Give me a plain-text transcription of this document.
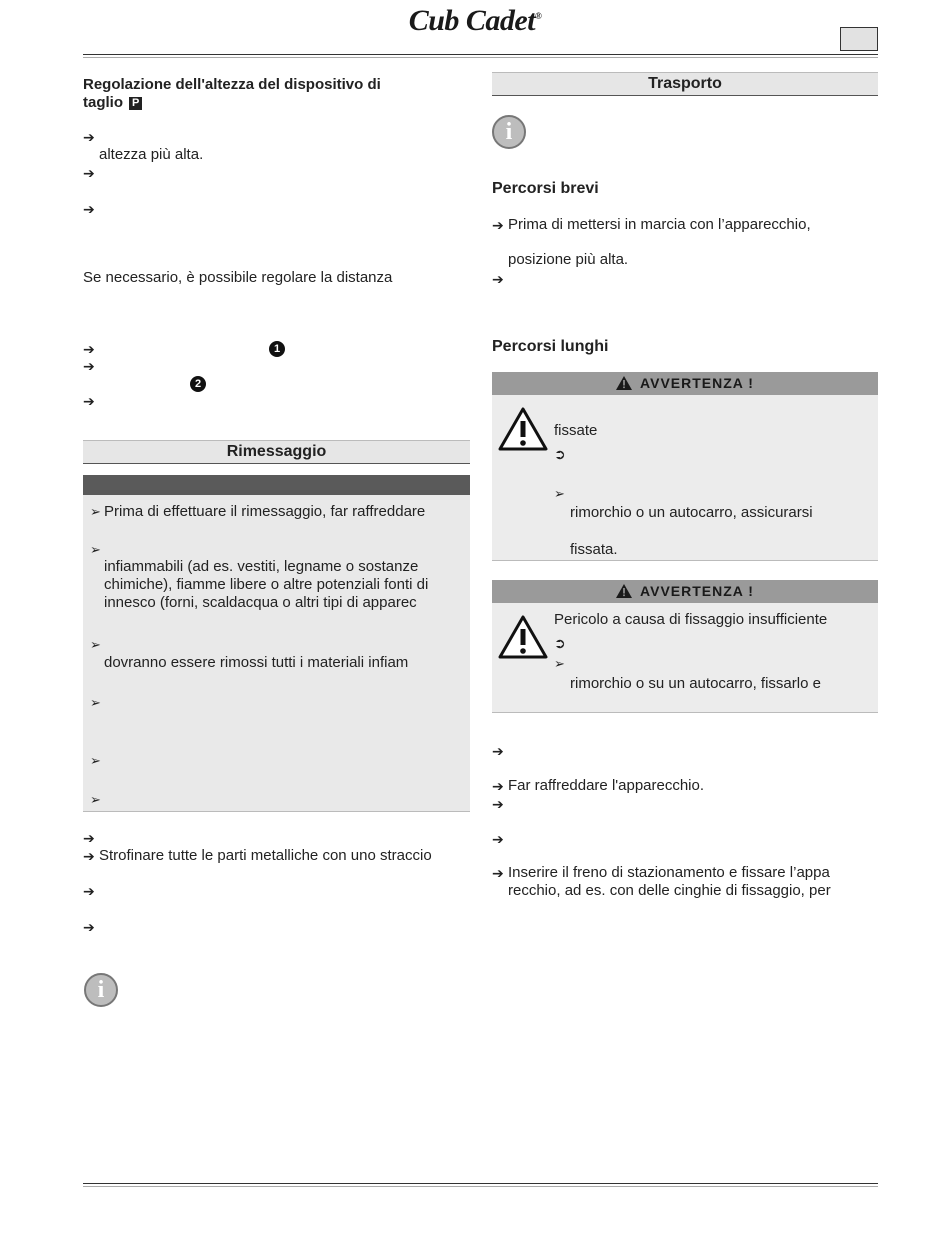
Cub Cadet®
Regolazione dell'altezza del dispositivo di
taglio P
➔
altezza più alta.
➔
➔
Se necessario, è possibile regolare la distanza
➔	1
➔
2
➔
Rimessaggio
➢ Prima di effettuare il rimessaggio, far raffreddare
➢
infiammabili (ad es. vestiti, legname o sostanze
chimiche), fiamme libere o altre potenziali fonti di
innesco (forni, scaldacqua o altri tipi di apparec
➢
dovranno essere rimossi tutti i materiali infiam
➢
➢
➢
➔
➔ Strofinare tutte le parti metalliche con uno straccio
➔
➔
i
Trasporto
i
Percorsi brevi
➔ Prima di mettersi in marcia con l’apparecchio,
posizione più alta.
➔
Percorsi lunghi
AVVERTENZA !
fissate
➲
➢
rimorchio o un autocarro, assicurarsi
fissata.
AVVERTENZA !
Pericolo a causa di fissaggio insufficiente
➲
➢
rimorchio o su un autocarro, fissarlo e
➔
➔ Far raffreddare l'apparecchio.
➔
➔
➔ Inserire il freno di stazionamento e fissare l’appa
recchio, ad es. con delle cinghie di fissaggio, per
